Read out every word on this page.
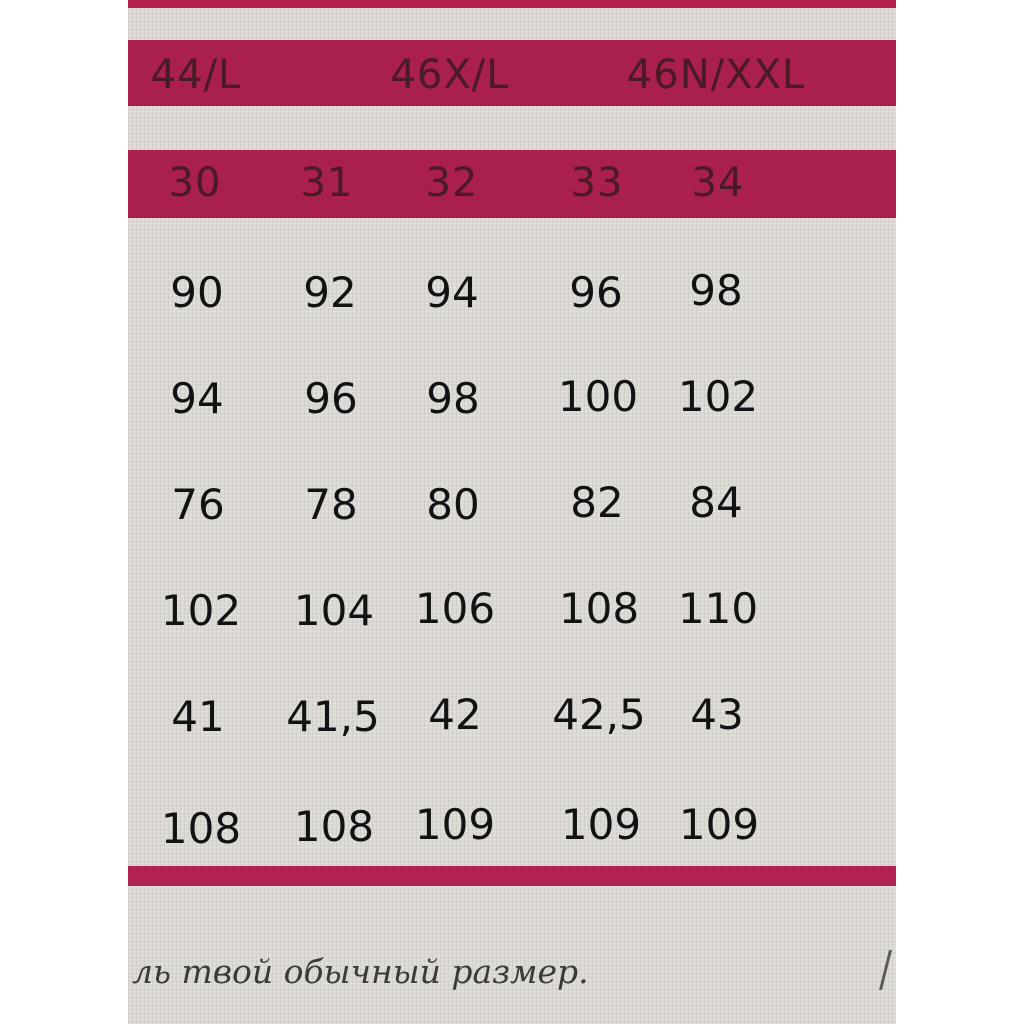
44/L	46X/L	46N/XXL
30 31 32 33 34
90 92 94 96 98
94 96 98 100 102
76 78 80 82 84
102 104 106 108 110
41 41,5 42 42,5 43
108 108 109 109 109
ль твой обычный размер.
